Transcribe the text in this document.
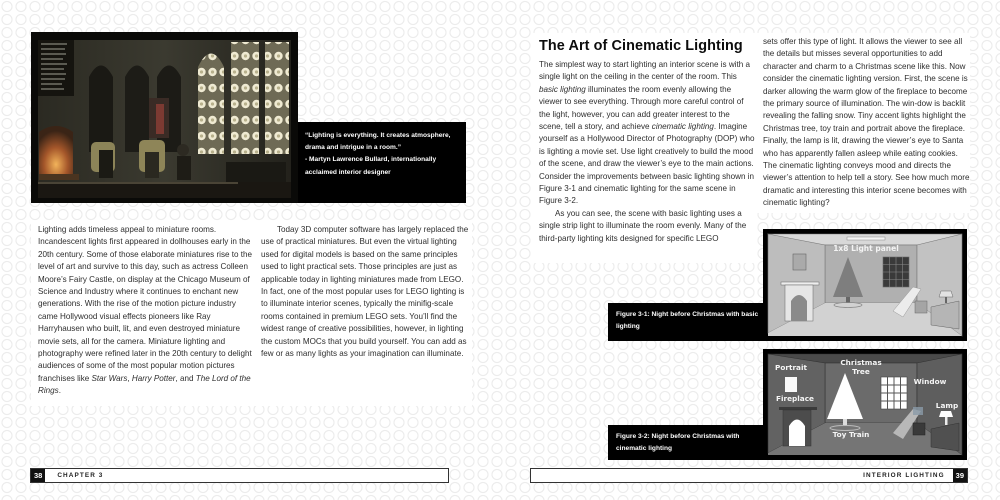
“Lighting is everything. It creates atmosphere, drama and intrigue in a room.”

- Martyn Lawrence Bullard, internationally acclaimed interior designer

Lighting adds timeless appeal to miniature rooms. Incandescent lights first appeared in dollhouses early in the 20th century. Some of those elaborate miniatures rise to the level of art and survive to this day, such as actress Colleen Moore’s Fairy Castle, on display at the Chicago Museum of Science and Industry where it continues to enchant new generations. With the rise of the motion picture industry came Hollywood visual effects pioneers like Ray Harryhausen who built, lit, and even destroyed miniature movie sets, all for the camera. Miniature lighting and photography were refined later in the 20th century to delight audiences of some of the most popular motion pictures franchises like Star Wars, Harry Potter, and The Lord of the Rings.

Today 3D computer software has largely replaced the use of practical miniatures. But even the virtual lighting used for digital models is based on the same principles used to light practical sets. Those principles are just as applicable today in lighting miniatures made from LEGO. In fact, one of the most popular uses for LEGO lighting is to illuminate interior scenes, typically the minifig-scale rooms contained in premium LEGO sets. You’ll find the widest range of creative possibilities, however, in lighting the custom MOCs that you build yourself. You can add as few or as many lights as your imagination can illuminate.

38	CHAPTER 3
The Art of Cinematic Lighting

The simplest way to start lighting an interior scene is with a single light on the ceiling in the center of the room. This basic lighting illuminates the room evenly allowing the viewer to see everything. Through more careful control of the light, however, you can add greater interest to the scene, tell a story, and achieve cinematic lighting. Imagine yourself as a Hollywood Director of Photography (DOP) who is lighting a movie set. Use light creatively to build the mood of the scene, and draw the viewer’s eye to the main actions. Consider the improvements between basic lighting shown in Figure 3-1 and cinematic lighting for the same scene in Figure 3-2.

As you can see, the scene with basic lighting uses a single strip light to illuminate the room evenly. Many of the third-party lighting kits designed for specific LEGO

sets offer this type of light. It allows the viewer to see all the details but misses several opportunities to add character and charm to a Christmas scene like this. Now consider the cinematic lighting version. First, the scene is darker allowing the warm glow of the fireplace to become the primary source of illumination. The win-dow is backlit revealing the falling snow. Tiny accent lights highlight the Christmas tree, toy train and portrait above the fireplace. Finally, the lamp is lit, drawing the viewer’s eye to Santa who has apparently fallen asleep while eating cookies. The cinematic lighting conveys mood and directs the viewer’s attention to help tell a story. See how much more dramatic and interesting this interior scene becomes with cinematic lighting?

1x8 Light panel
Figure 3-1: Night before Christmas with basic lighting
Portrait
Christmas
Tree
Window
Fireplace
Lamp
Toy Train
Figure 3-2: Night before Christmas with cinematic lighting
INTERIOR LIGHTING	39
